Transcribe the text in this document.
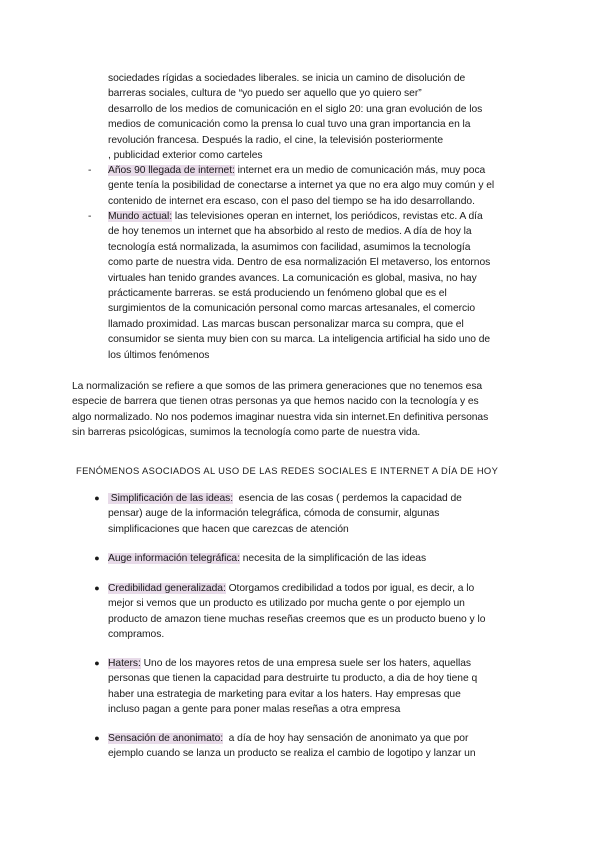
sociedades rígidas a sociedades liberales. se inicia un camino de disolución de
barreras sociales, cultura de “yo puedo ser aquello que yo quiero ser”
desarrollo de los medios de comunicación en el siglo 20: una gran evolución de los
medios de comunicación como la prensa lo cual tuvo una gran importancia en la
revolución francesa. Después la radio, el cine, la televisión posteriormente
, publicidad exterior como carteles
-	Años 90 llegada de internet: internet era un medio de comunicación más, muy poca
gente tenía la posibilidad de conectarse a internet ya que no era algo muy común y el
contenido de internet era escaso, con el paso del tiempo se ha ido desarrollando.
-	Mundo actual: las televisiones operan en internet, los periódicos, revistas etc. A día
de hoy tenemos un internet que ha absorbido al resto de medios. A día de hoy la
tecnología está normalizada, la asumimos con facilidad, asumimos la tecnología
como parte de nuestra vida. Dentro de esa normalización El metaverso, los entornos
virtuales han tenido grandes avances. La comunicación es global, masiva, no hay
prácticamente barreras. se está produciendo un fenómeno global que es el
surgimientos de la comunicación personal como marcas artesanales, el comercio
llamado proximidad. Las marcas buscan personalizar marca su compra, que el
consumidor se sienta muy bien con su marca. La inteligencia artificial ha sido uno de
los últimos fenómenos
La normalización se refiere a que somos de las primera generaciones que no tenemos esa
especie de barrera que tienen otras personas ya que hemos nacido con la tecnología y es
algo normalizado. No nos podemos imaginar nuestra vida sin internet.En definitiva personas
sin barreras psicológicas, sumimos la tecnología como parte de nuestra vida.
FENÓMENOS ASOCIADOS AL USO DE LAS REDES SOCIALES E INTERNET A DÍA DE HOY
● Simplificación de las ideas:  esencia de las cosas ( perdemos la capacidad de
pensar) auge de la información telegráfica, cómoda de consumir, algunas
simplificaciones que hacen que carezcas de atención
● Auge información telegráfica: necesita de la simplificación de las ideas
● Credibilidad generalizada: Otorgamos credibilidad a todos por igual, es decir, a lo
mejor si vemos que un producto es utilizado por mucha gente o por ejemplo un
producto de amazon tiene muchas reseñas creemos que es un producto bueno y lo
compramos.
● Haters: Uno de los mayores retos de una empresa suele ser los haters, aquellas
personas que tienen la capacidad para destruirte tu producto, a dia de hoy tiene q
haber una estrategia de marketing para evitar a los haters. Hay empresas que
incluso pagan a gente para poner malas reseñas a otra empresa
● Sensación de anonimato:  a día de hoy hay sensación de anonimato ya que por
ejemplo cuando se lanza un producto se realiza el cambio de logotipo y lanzar un
